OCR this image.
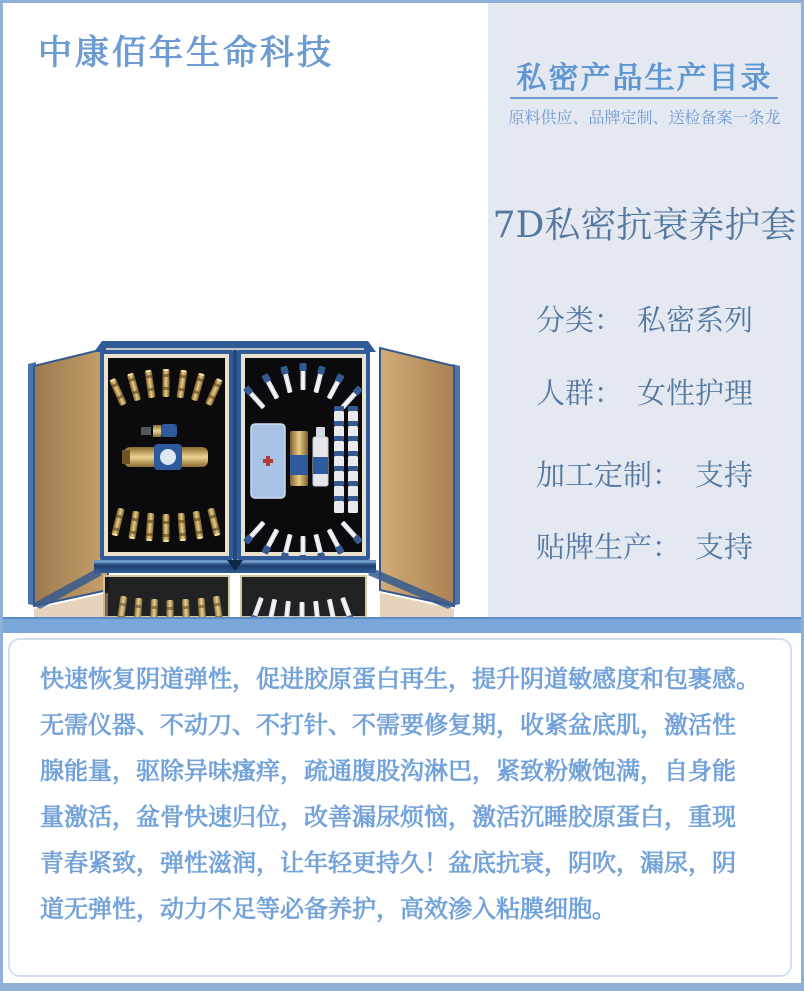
中康佰年生命科技
私密产品生产目录
原料供应、品牌定制、送检备案一条龙
7D私密抗衰养护套
分类： 私密系列
人群： 女性护理
加工定制： 支持
贴牌生产： 支持
快速恢复阴道弹性，促进胶原蛋白再生，提升阴道敏感度和包裹感。
无需仪器、不动刀、不打针、不需要修复期，收紧盆底肌，激活性
腺能量，驱除异味瘙痒，疏通腹股沟淋巴，紧致粉嫩饱满，自身能
量激活，盆骨快速归位，改善漏尿烦恼，激活沉睡胶原蛋白，重现
青春紧致，弹性滋润，让年轻更持久！盆底抗衰，阴吹，漏尿，阴
道无弹性，动力不足等必备养护，高效渗入粘膜细胞。
